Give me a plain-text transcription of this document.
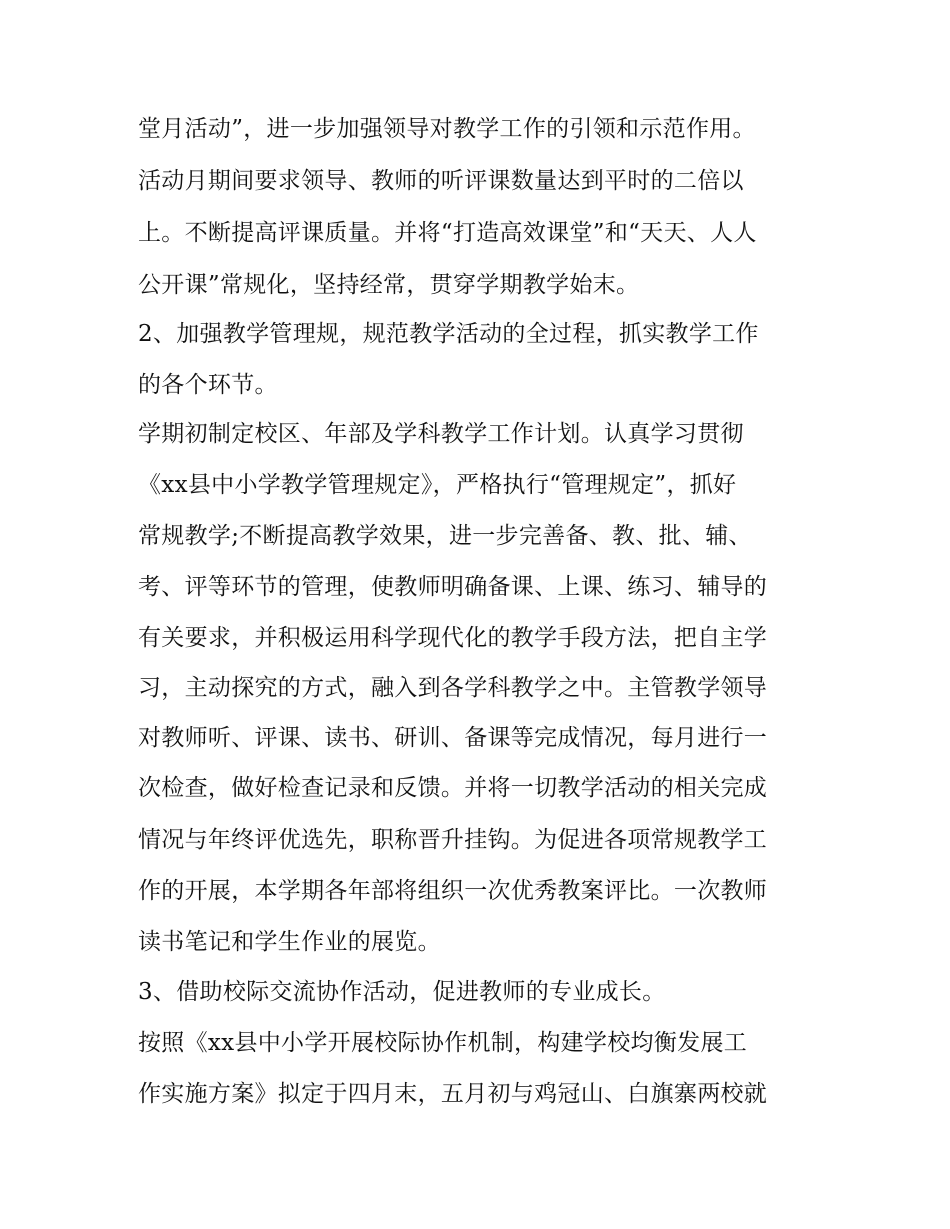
堂月活动”，进一步加强领导对教学工作的引领和示范作用。
活动月期间要求领导、教师的听评课数量达到平时的二倍以
上。不断提高评课质量。并将“打造高效课堂”和“天天、人人
公开课”常规化，坚持经常，贯穿学期教学始末。
2、加强教学管理规，规范教学活动的全过程，抓实教学工作
的各个环节。
学期初制定校区、年部及学科教学工作计划。认真学习贯彻
《xx县中小学教学管理规定》，严格执行“管理规定”，抓好
常规教学;不断提高教学效果，进一步完善备、教、批、辅、
考、评等环节的管理，使教师明确备课、上课、练习、辅导的
有关要求，并积极运用科学现代化的教学手段方法，把自主学
习，主动探究的方式，融入到各学科教学之中。主管教学领导
对教师听、评课、读书、研训、备课等完成情况，每月进行一
次检查，做好检查记录和反馈。并将一切教学活动的相关完成
情况与年终评优选先，职称晋升挂钩。为促进各项常规教学工
作的开展，本学期各年部将组织一次优秀教案评比。一次教师
读书笔记和学生作业的展览。
3、借助校际交流协作活动，促进教师的专业成长。
按照《xx县中小学开展校际协作机制，构建学校均衡发展工
作实施方案》拟定于四月末，五月初与鸡冠山、白旗寨两校就
